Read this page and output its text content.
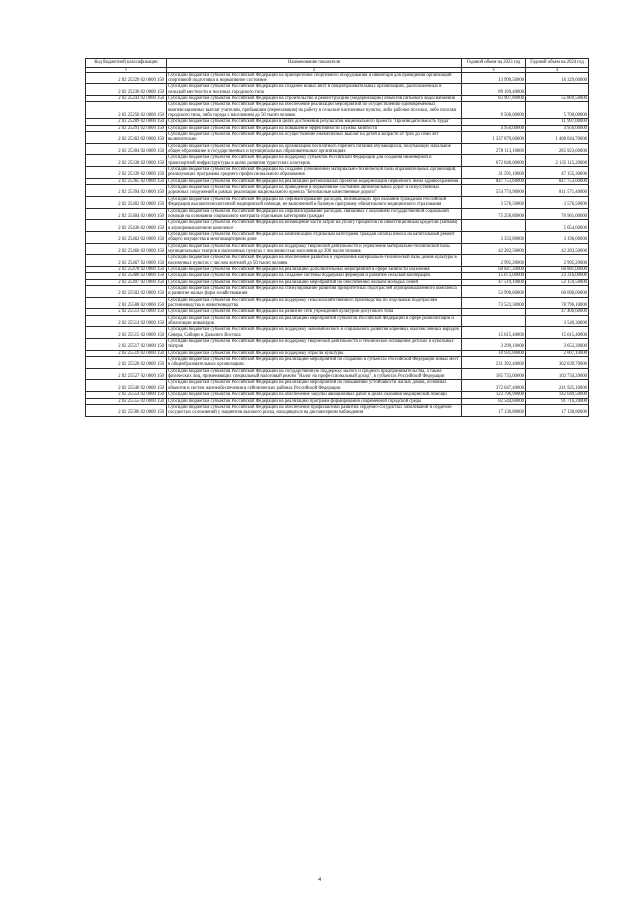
Код бюджетной классификации	Наименование показателя	Годовой объем на 2023 год	Годовой объем на 2024 год
1	2	3	4
2 02 25229 02 0000 150	Субсидии бюджетам субъектов Российской Федерации на приобретение спортивного оборудования и инвентаря для приведения организаций спортивной подготовки в нормативное состояние	13 999,50000	16 329,60000
2 02 25230 02 0000 150	Субсидии бюджетам субъектов Российской Федерации на создание новых мест в общеобразовательных организациях, расположенных в сельской местности и поселках городского типа	89 169,40000	
2 02 25243 02 0000 150	Субсидии бюджетам субъектов Российской Федерации на строительство и реконструкцию (модернизацию) объектов питьевого водоснабжения	83 907,80000	55 869,50000
2 02 25256 02 0000 150	Субсидии бюджетам субъектов Российской Федерации на обеспечение реализации мероприятий по осуществлению единовременных компенсационных выплат учителям, прибывшим (переехавшим) на работу в сельские населенные пункты, либо рабочие поселки, либо поселки городского типа, либо города с населением до 50 тысяч человек	9 500,00000	5 700,00000
2 02 25289 02 0000 150	Субсидии бюджетам субъектов Российской Федерации в целях достижения результатов национального проекта "Производительность труда"		11 997,00000
2 02 25291 02 0000 150	Субсидии бюджетам субъектов Российской Федерации на повышение эффективности службы занятости	4 950,00000	4 950,00000
2 02 25302 02 0000 150	Субсидии бюджетам субъектов Российской Федерации на осуществление ежемесячных выплат на детей в возрасте от трех до семи лет включительно	1 337 879,60000	1 408 044,70000
2 02 25304 02 0000 150	Субсидии бюджетам субъектов Российской Федерации на организацию бесплатного горячего питания обучающихся, получающих начальное общее образование в государственных и муниципальных образовательных организациях	278 113,10000	285 923,60000
2 02 25338 02 0000 150	Субсидии бюджетам субъектов Российской Федерации на поддержку субъектов Российской Федерации для создания инженерной и транспортной инфраструктуры в целях развития туристских кластеров	672 848,00000	2 135 115,20000
2 02 25339 02 0000 150	Субсидии бюджетам субъектов Российской Федерации на создание (обновление) материально-технической базы образовательных организаций, реализующих программы среднего профессионального образования	31 591,10000	47 155,30000
2 02 25365 02 0000 150	Субсидии бюджетам субъектов Российской Федерации на реализацию региональных проектов модернизации первичного звена здравоохранения	847 753,60000	847 753,60000
2 02 25394 02 0000 150	Субсидии бюджетам субъектов Российской Федерации на приведение в нормативное состояние автомобильных дорог и искусственных дорожных сооружений в рамках реализации национального проекта "Безопасные качественные дороги"	554 774,90000	811 571,40000
2 02 25402 02 0000 150	Субсидии бюджетам субъектов Российской Федерации на софинансирование расходов, возникающих при оказании гражданам Российской Федерации высокотехнологичной медицинской помощи, не включенной в базовую программу обязательного медицинского страхования	3 576,50000	3 576,50000
2 02 25404 02 0000 150	Субсидии бюджетам субъектов Российской Федерации на софинансирование расходов, связанных с оказанием государственной социальной помощи на основании социального контракта отдельным категориям граждан	75 258,80000	76 961,00000
2 02 25436 02 0000 150	Субсидии бюджетам субъектов Российской Федерации на возмещение части затрат на уплату процентов по инвестиционным кредитам (займам) в агропромышленном комплексе		5 054,60000
2 02 25462 02 0000 150	Субсидии бюджетам субъектов Российской Федерации на компенсацию отдельным категориям граждан оплаты взноса на капитальный ремонт общего имущества в многоквартирном доме	3 333,80000	3 196,00000
2 02 25466 02 0000 150	Субсидии бюджетам субъектов Российской Федерации на поддержку творческой деятельности и укрепление материально-технической базы муниципальных театров в населенных пунктах с численностью населения до 300 тысяч человек	42 282,50000	42 283,50000
2 02 25467 02 0000 150	Субсидии бюджетам субъектов Российской Федерации на обеспечение развития и укрепления материально-технической базы домов культуры в населенных пунктах с числом жителей до 50 тысяч человек	2 995,20000	2 995,20000
2 02 25478 02 0000 150	Субсидии бюджетам субъектов Российской Федерации на реализацию дополнительных мероприятий в сфере занятости населения	68 847,20000	68 881,00000
2 02 25480 02 0000 150	Субсидии бюджетам субъектов Российской Федерации на создание системы поддержки фермеров и развитие сельской кооперации	15 673,00000	23 316,00000
2 02 25497 02 0000 150	Субсидии бюджетам субъектов Российской Федерации на реализацию мероприятий по обеспечению жильем молодых семей	47 519,10000	52 159,50000
2 02 25502 02 0000 150	Субсидии бюджетам субъектов Российской Федерации на стимулирование развития приоритетных подотраслей агропромышленного комплекса и развитие малых форм хозяйствования	53 990,60000	60 680,60000
2 02 25508 02 0000 150	Субсидии бюджетам субъектов Российской Федерации на поддержку сельскохозяйственного производства по отдельным подотраслям растениеводства и животноводства	73 523,30000	78 796,10000
2 02 25513 02 0000 150	Субсидии бюджетам субъектов Российской Федерации на развитие сети учреждений культурно-досугового типа		47 406,60000
2 02 25514 02 0000 150	Субсидии бюджетам субъектов Российской Федерации на реализацию мероприятий субъектов Российской Федерации в сфере реабилитации и абилитации инвалидов		3 540,30000
2 02 25515 02 0000 150	Субсидии бюджетам субъектов Российской Федерации на поддержку экономического и социального развития коренных малочисленных народов Севера, Сибири и Дальнего Востока	15 615,40000	15 615,40000
2 02 25517 02 0000 150	Субсидии бюджетам субъектов Российской Федерации на поддержку творческой деятельности и техническое оснащение детских и кукольных театров	3 299,10000	3 652,20000
2 02 25519 02 0000 150	Субсидии бюджетам субъектов Российской Федерации на поддержку отрасли культуры	10 931,00000	2 007,10000
2 02 25520 02 0000 150	Субсидии бюджетам субъектов Российской Федерации на реализацию мероприятий по созданию в субъектах Российской Федерации новых мест в общеобразовательных организациях	231 392,40000	362 039,70000
2 02 25527 02 0000 150	Субсидии бюджетам субъектов Российской Федерации на государственную поддержку малого и среднего предпринимательства, а также физических лиц, применяющих специальный налоговый режим "Налог на профессиональный доход", в субъектах Российской Федерации	185 733,00000	102 734,20000
2 02 25540 02 0000 150	Субсидии бюджетам субъектов Российской Федерации на реализацию мероприятий по повышению устойчивости жилых домов, основных объектов и систем жизнеобеспечения в сейсмических районах Российской Федерации	372 047,40000	241 925,10000
2 02 25554 02 0000 150	Субсидии бюджетам субъектов Российской Федерации на обеспечение закупки авиационных работ в целях оказания медицинской помощи	123 796,90000	142 649,50000
2 02 25555 02 0000 150	Субсидии бюджетам субъектов Российской Федерации на реализацию программ формирования современной городской среды	82 544,60000	91 716,20000
2 02 25586 02 0000 150	Субсидии бюджетам субъектов Российской Федерации на обеспечение профилактики развития сердечно-сосудистых заболеваний и сердечно-сосудистых осложнений у пациентов высокого риска, находящихся на диспансерном наблюдении	17 130,80000	17 130,80000
4
